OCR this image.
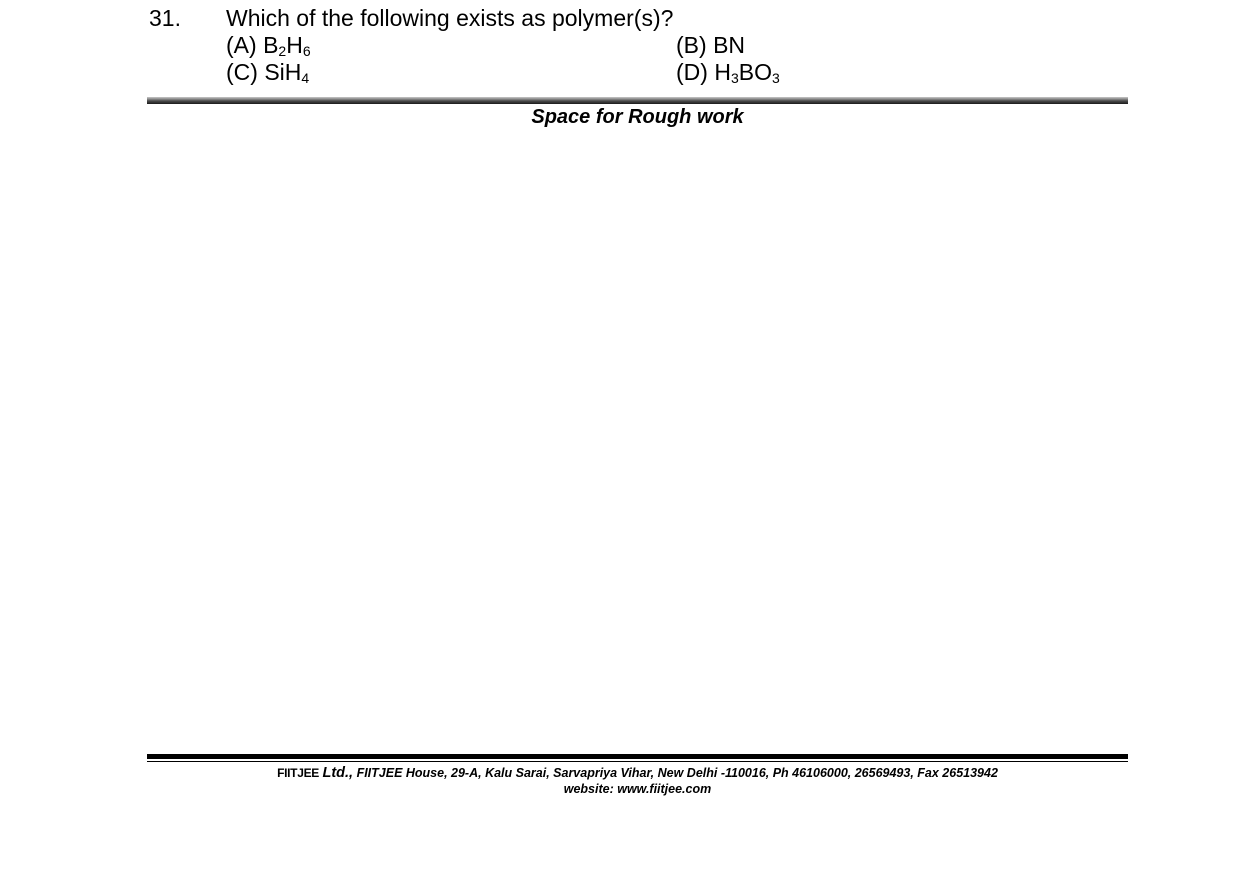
31. Which of the following exists as polymer(s)?
(A) $B_2H_6$	(B) BN
(C) SiH$_4$	(D) $H_3BO_3$
Space for Rough work
FIITJEE Ltd., FIITJEE House, 29-A, Kalu Sarai, Sarvapriya Vihar, New Delhi -110016, Ph 46106000, 26569493, Fax 26513942
website: www.fiitjee.com
